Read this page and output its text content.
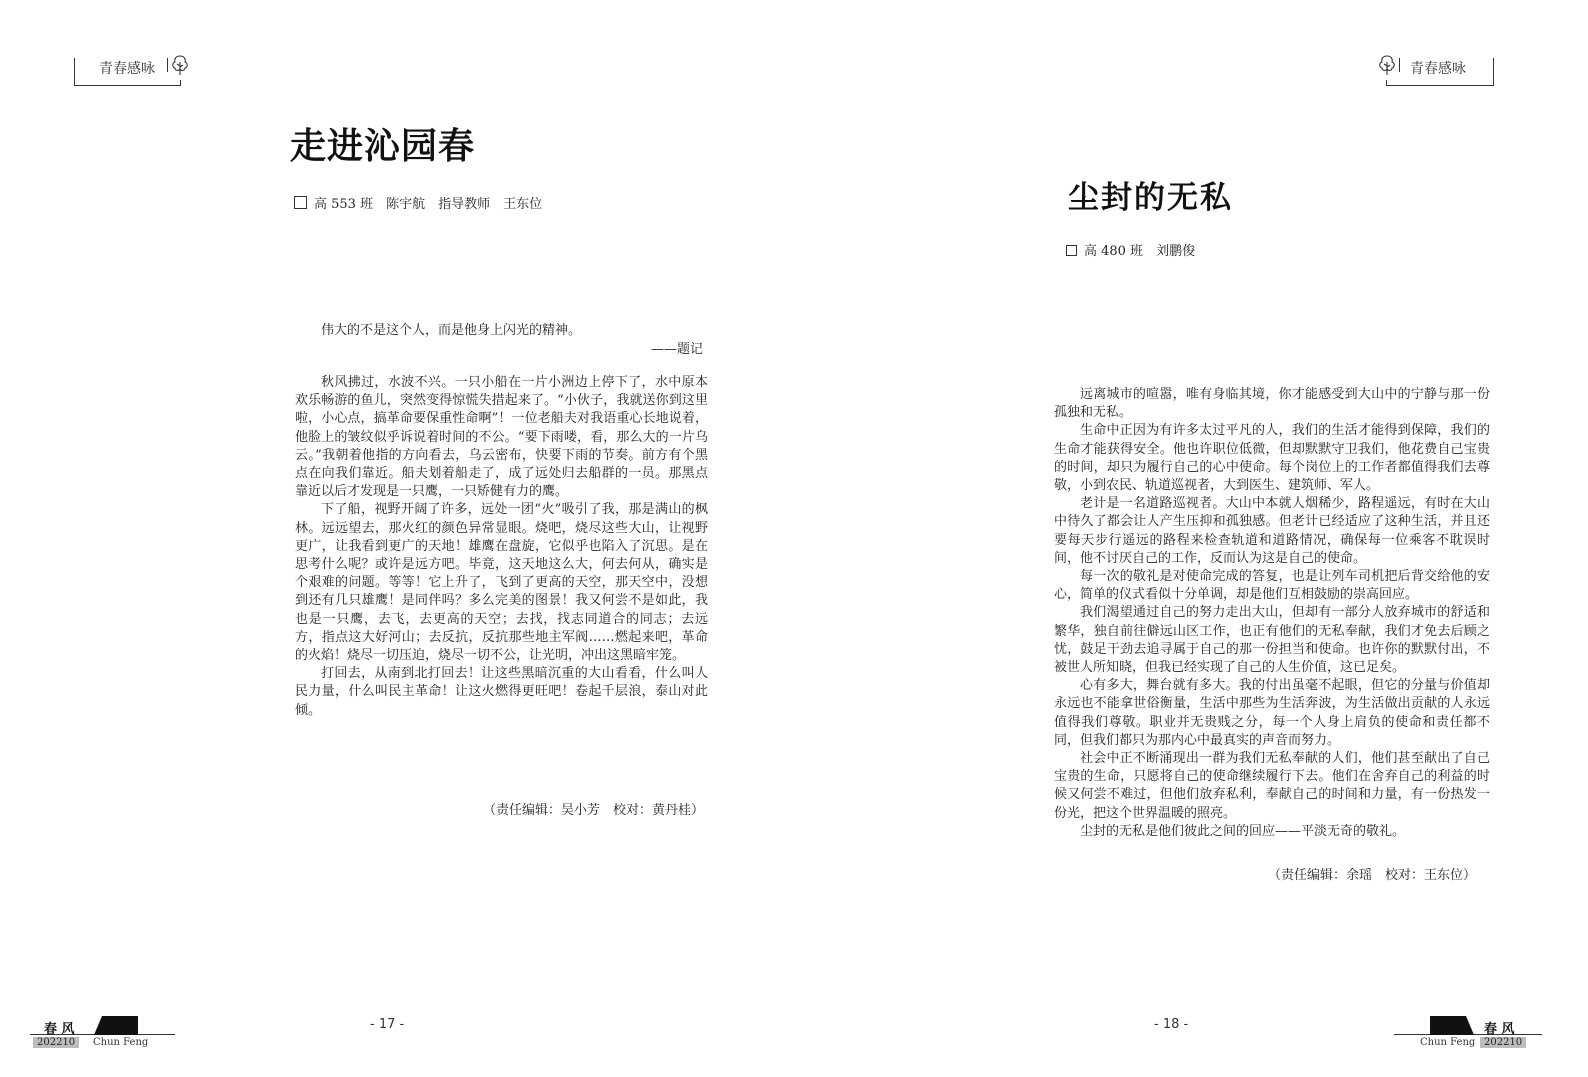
青春感咏
走进沁园春
高 553 班　陈宇航　指导教师　王东位
伟大的不是这个人，而是他身上闪光的精神。
——题记

秋风拂过，水波不兴。一只小船在一片小洲边上停下了，水中原本欢乐畅游的鱼儿，突然变得惊慌失措起来了。“小伙子，我就送你到这里啦，小心点，搞革命要保重性命啊”！一位老船夫对我语重心长地说着，他脸上的皱纹似乎诉说着时间的不公。“要下雨喽，看，那么大的一片乌云。”我朝着他指的方向看去，乌云密布，快要下雨的节奏。前方有个黑点在向我们靠近。船夫划着船走了，成了远处归去船群的一员。那黑点靠近以后才发现是一只鹰，一只矫健有力的鹰。

下了船，视野开阔了许多，远处一团“火”吸引了我，那是满山的枫林。远远望去，那火红的颜色异常显眼。烧吧，烧尽这些大山，让视野更广，让我看到更广的天地！雄鹰在盘旋，它似乎也陷入了沉思。是在思考什么呢？或许是远方吧。毕竟，这天地这么大，何去何从，确实是个艰难的问题。等等！它上升了，飞到了更高的天空，那天空中，没想到还有几只雄鹰！是同伴吗？多么完美的图景！我又何尝不是如此，我也是一只鹰，去飞，去更高的天空；去找，找志同道合的同志；去远方，指点这大好河山；去反抗，反抗那些地主军阀……燃起来吧，革命的火焰！烧尽一切压迫，烧尽一切不公，让光明，冲出这黑暗牢笼。

打回去，从南到北打回去！让这些黑暗沉重的大山看看，什么叫人民力量，什么叫民主革命！让这火燃得更旺吧！卷起千层浪，泰山对此倾。

（责任编辑：吴小芳　校对：黄丹桂）
春 风
202210	Chun Feng
- 17 -
青春感咏
尘封的无私
高 480 班　刘鹏俊

远离城市的喧嚣，唯有身临其境，你才能感受到大山中的宁静与那一份孤独和无私。

生命中正因为有许多太过平凡的人，我们的生活才能得到保障，我们的生命才能获得安全。他也许职位低微，但却默默守卫我们，他花费自己宝贵的时间，却只为履行自己的心中使命。每个岗位上的工作者都值得我们去尊敬，小到农民、轨道巡视者，大到医生、建筑师、军人。

老计是一名道路巡视者。大山中本就人烟稀少，路程遥远，有时在大山中待久了都会让人产生压抑和孤独感。但老计已经适应了这种生活，并且还要每天步行遥远的路程来检查轨道和道路情况，确保每一位乘客不耽误时间，他不讨厌自己的工作，反而认为这是自己的使命。

每一次的敬礼是对使命完成的答复，也是让列车司机把后背交给他的安心，简单的仪式看似十分单调，却是他们互相鼓励的崇高回应。

我们渴望通过自己的努力走出大山，但却有一部分人放弃城市的舒适和繁华，独自前往僻远山区工作，也正有他们的无私奉献，我们才免去后顾之忧，鼓足干劲去追寻属于自己的那一份担当和使命。也许你的默默付出，不被世人所知晓，但我已经实现了自己的人生价值，这已足矣。

心有多大，舞台就有多大。我的付出虽毫不起眼，但它的分量与价值却永远也不能拿世俗衡量，生活中那些为生活奔波，为生活做出贡献的人永远值得我们尊敬。职业并无贵贱之分，每一个人身上肩负的使命和责任都不同，但我们都只为那内心中最真实的声音而努力。

社会中正不断涌现出一群为我们无私奉献的人们，他们甚至献出了自己宝贵的生命，只愿将自己的使命继续履行下去。他们在舍弃自己的利益的时候又何尝不难过，但他们放弃私利，奉献自己的时间和力量，有一份热发一份光，把这个世界温暖的照亮。

尘封的无私是他们彼此之间的回应——平淡无奇的敬礼。

（责任编辑：余瑶　校对：王东位）
- 18 -	春 风
Chun Feng 202210
